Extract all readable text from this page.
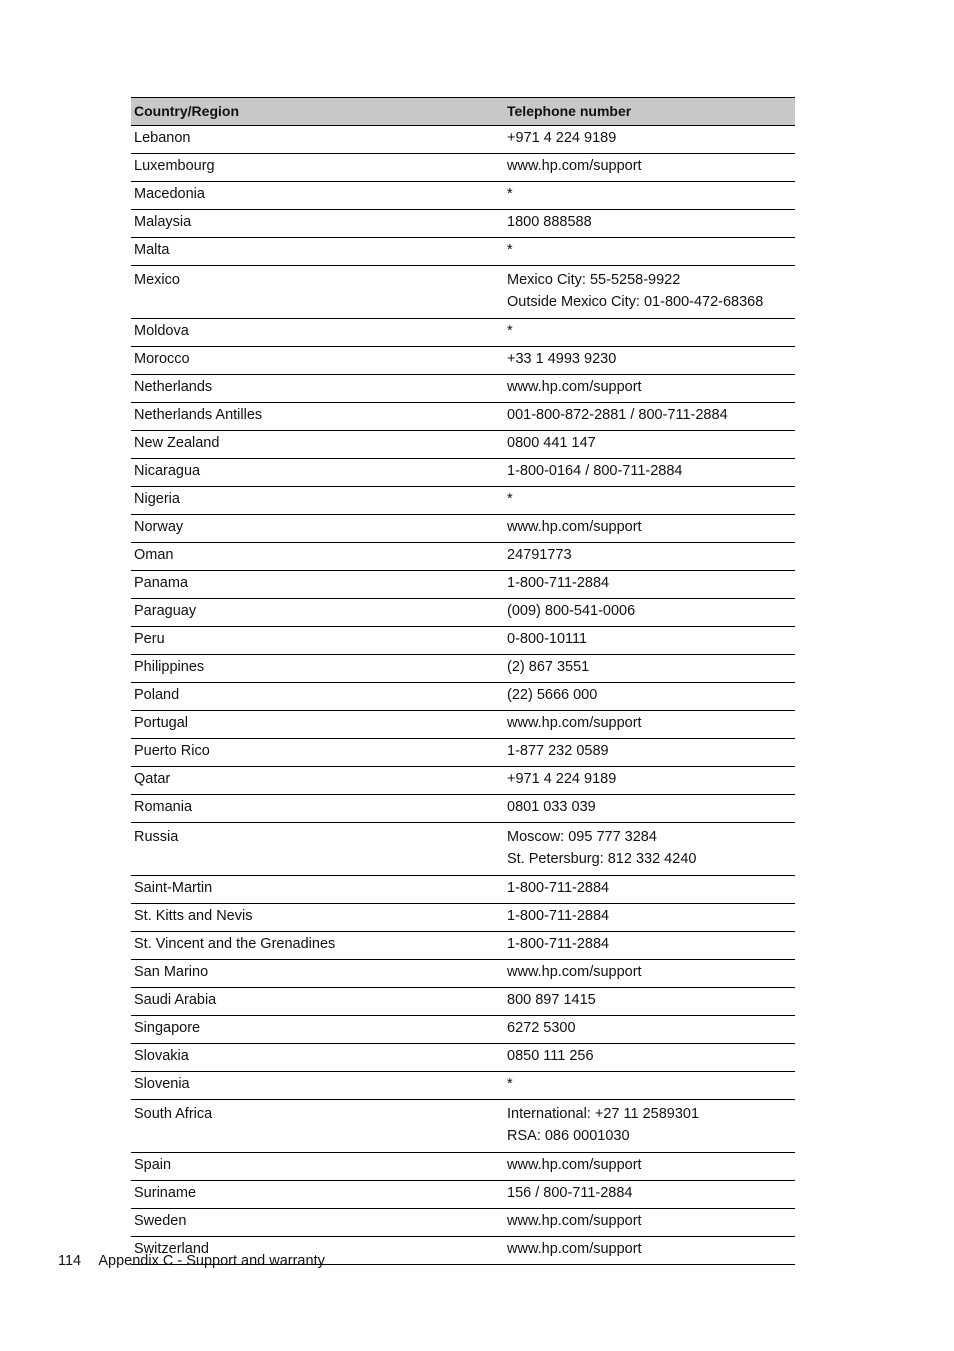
Country/Region	Telephone number
Lebanon	+971 4 224 9189

Luxembourg	www.hp.com/support

Macedonia	*

Malaysia	1800 888588

Malta	*

Mexico	Mexico City: 55-5258-9922
Outside Mexico City: 01-800-472-68368

Moldova	*

Morocco	+33 1 4993 9230

Netherlands	www.hp.com/support

Netherlands Antilles	001-800-872-2881 / 800-711-2884

New Zealand	0800 441 147

Nicaragua	1-800-0164 / 800-711-2884

Nigeria	*

Norway	www.hp.com/support

Oman	24791773

Panama	1-800-711-2884

Paraguay	(009) 800-541-0006

Peru	0-800-10111

Philippines	(2) 867 3551

Poland	(22) 5666 000

Portugal	www.hp.com/support

Puerto Rico	1-877 232 0589

Qatar	+971 4 224 9189

Romania	0801 033 039

Russia	Moscow: 095 777 3284
St. Petersburg: 812 332 4240

Saint-Martin	1-800-711-2884

St. Kitts and Nevis	1-800-711-2884

St. Vincent and the Grenadines	1-800-711-2884

San Marino	www.hp.com/support

Saudi Arabia	800 897 1415

Singapore	6272 5300

Slovakia	0850 111 256

Slovenia	*

South Africa	International: +27 11 2589301
RSA: 086 0001030

Spain	www.hp.com/support

Suriname	156 / 800-711-2884

Sweden	www.hp.com/support

Switzerland	www.hp.com/support
114 Appendix C - Support and warranty
